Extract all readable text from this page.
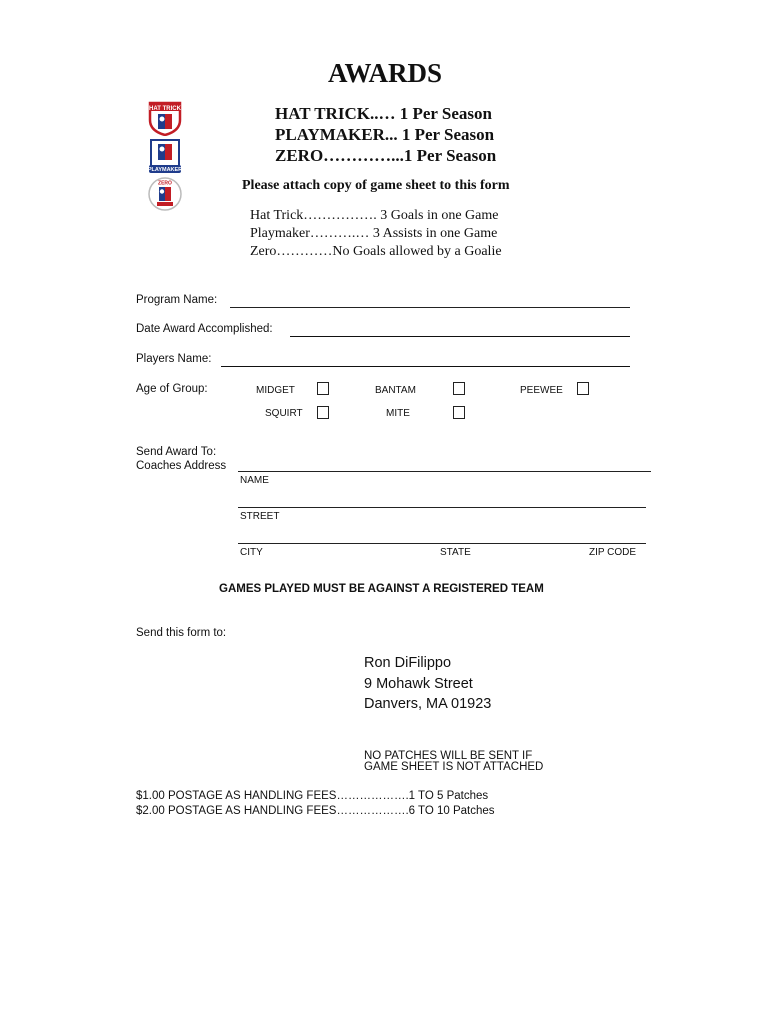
AWARDS
HAT TRICK
PLAYMAKER
ZERO
HAT TRICK..… 1 Per Season
PLAYMAKER... 1 Per Season
ZERO…………...1 Per Season
Please attach copy of game sheet to this form
Hat Trick……………. 3 Goals in one Game
Playmaker……….… 3 Assists in one Game
Zero…………No Goals allowed by a Goalie
Program Name:
Date Award Accomplished:
Players Name:
Age of Group:	MIDGET	BANTAM	PEEWEE
SQUIRT	MITE
Send Award To:
Coaches Address
NAME
STREET
CITY	STATE	ZIP CODE
GAMES PLAYED MUST BE AGAINST A REGISTERED TEAM
Send this form to:
Ron DiFilippo
9 Mohawk Street
Danvers, MA 01923
NO PATCHES WILL BE SENT IF
GAME SHEET IS NOT ATTACHED
$1.00 POSTAGE AS HANDLING FEES……………….1 TO 5 Patches
$2.00 POSTAGE AS HANDLING FEES……………….6 TO 10 Patches
